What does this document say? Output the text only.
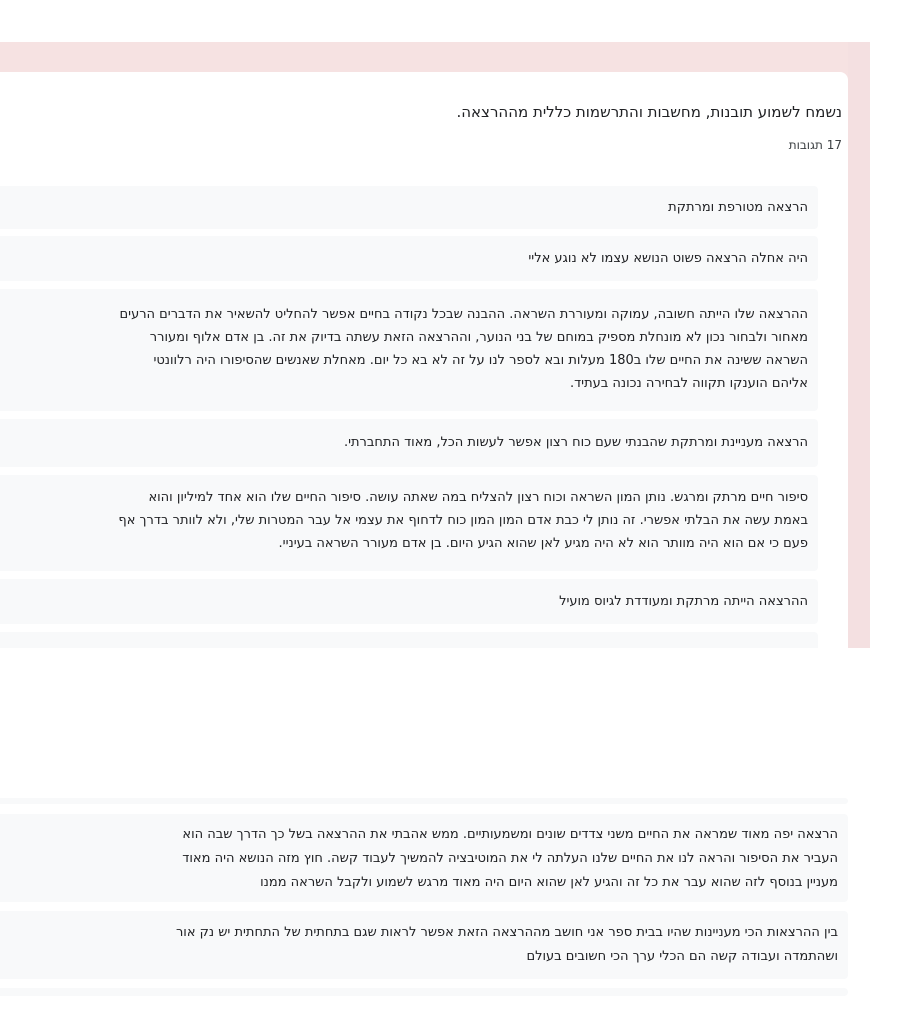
נשמח לשמוע תובנות, מחשבות והתרשמות כללית מההרצאה.
17 תגובות
הרצאה מטורפת ומרתקת
היה אחלה הרצאה פשוט הנושא עצמו לא נוגע אליי
ההרצאה שלו הייתה חשובה, עמוקה ומעוררת השראה. ההבנה שבכל נקודה בחיים אפשר להחליט להשאיר את הדברים הרעים
מאחור ולבחור נכון לא מונחלת מספיק במוחם של בני הנוער, וההרצאה הזאת עשתה בדיוק את זה. בן אדם אלוף ומעורר
השראה ששינה את החיים שלו ב180 מעלות ובא לספר לנו על זה לא בא כל יום. מאחלת שאנשים שהסיפורו היה רלוונטי
אליהם הוענקו תקווה לבחירה נכונה בעתיד.
הרצאה מעניינת ומרתקת שהבנתי שעם כוח רצון אפשר לעשות הכל, מאוד התחברתי.
סיפור חיים מרתק ומרגש. נותן המון השראה וכוח רצון להצליח במה שאתה עושה. סיפור החיים שלו הוא אחד למיליון והוא
באמת עשה את הבלתי אפשרי. זה נותן לי כבת אדם המון המון כוח לדחוף את עצמי אל עבר המטרות שלי, ולא לוותר בדרך אף
פעם כי אם הוא היה מוותר הוא לא היה מגיע לאן שהוא הגיע היום. בן אדם מעורר השראה בעיניי.
ההרצאה הייתה מרתקת ומעודדת לגיוס מועיל
הרצאה יפה מאוד שמראה את החיים משני צדדים שונים ומשמעותיים. ממש אהבתי את ההרצאה בשל כך הדרך שבה הוא
העביר את הסיפור והראה לנו את החיים שלנו העלתה לי את המוטיבציה להמשיך לעבוד קשה. חוץ מזה הנושא היה מאוד
מעניין בנוסף לזה שהוא עבר את כל זה והגיע לאן שהוא היום היה מאוד מרגש לשמוע ולקבל השראה ממנו
בין ההרצאות הכי מעניינות שהיו בבית ספר אני חושב מההרצאה הזאת אפשר לראות שגם בתחתית של התחתית יש נק אור
ושהתמדה ועבודה קשה הם הכלי ערך הכי חשובים בעולם
